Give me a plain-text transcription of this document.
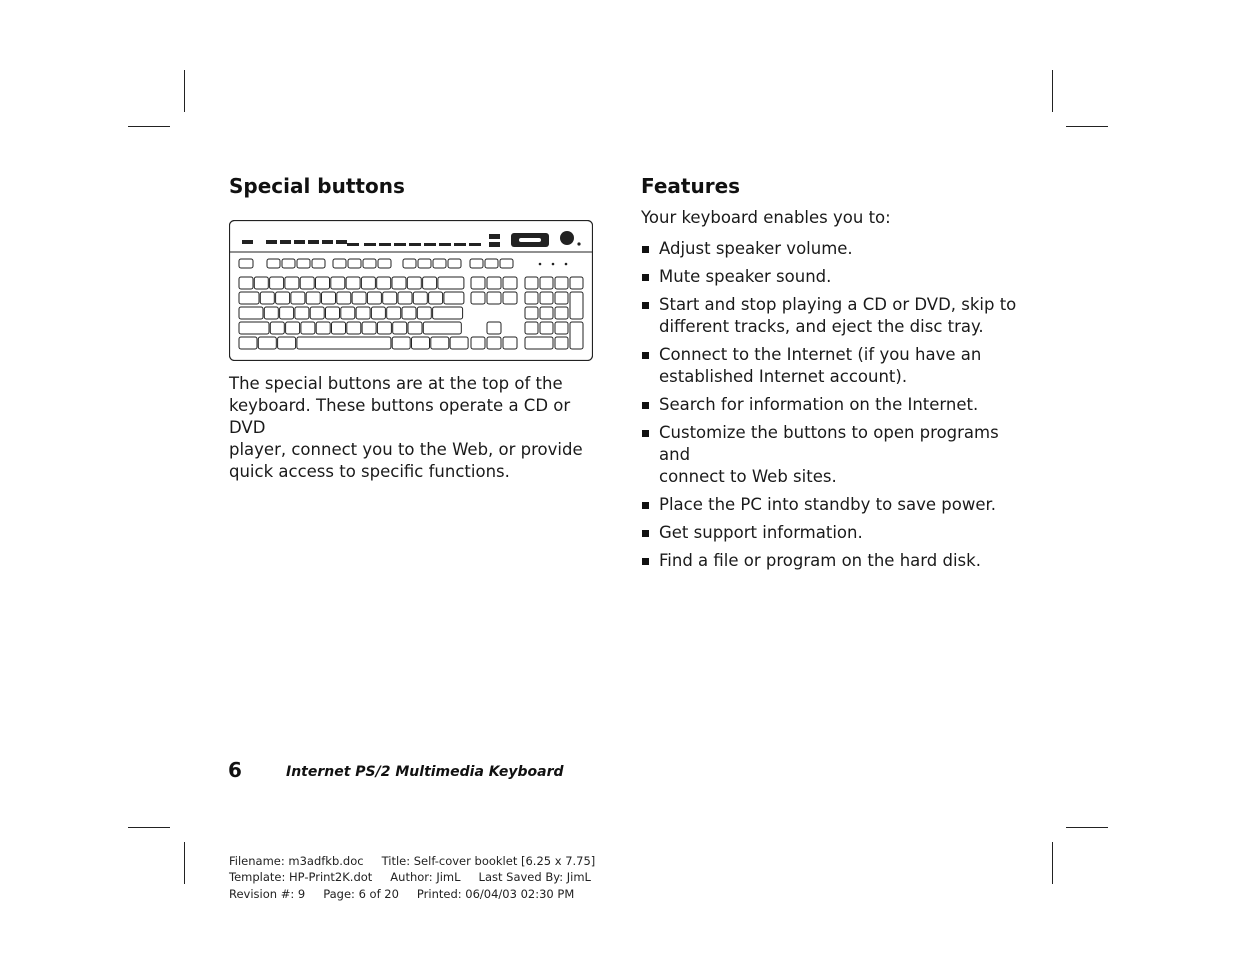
Special buttons
The special buttons are at the top of the
keyboard. These buttons operate a CD or DVD
player, connect you to the Web, or provide
quick access to specific functions.
Features

Your keyboard enables you to:

Adjust speaker volume.
Mute speaker sound.
Start and stop playing a CD or DVD, skip to
different tracks, and eject the disc tray.
Connect to the Internet (if you have an
established Internet account).
Search for information on the Internet.
Customize the buttons to open programs and
connect to Web sites.
Place the PC into standby to save power.
Get support information.
Find a file or program on the hard disk.
6	Internet PS/2 Multimedia Keyboard
Filename: m3adfkb.doc Title: Self-cover booklet [6.25 x 7.75]
Template: HP-Print2K.dot Author: JimL Last Saved By: JimL
Revision #: 9 Page: 6 of 20 Printed: 06/04/03 02:30 PM
